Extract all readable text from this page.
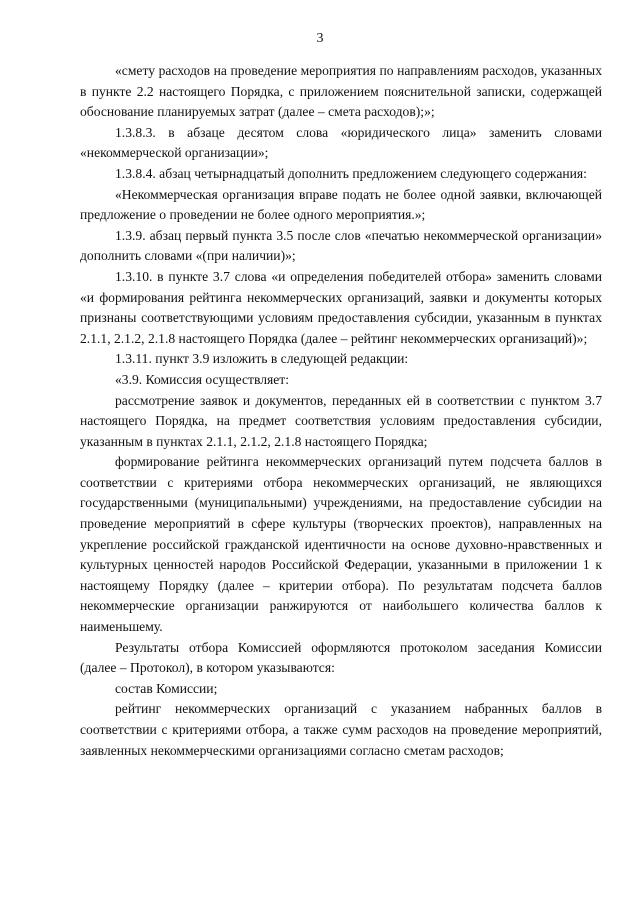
3

«смету расходов на проведение мероприятия по направлениям расходов, указанных в пункте 2.2 настоящего Порядка, с приложением пояснительной записки, содержащей обоснование планируемых затрат (далее – смета расходов);»;

1.3.8.3. в абзаце десятом слова «юридического лица» заменить словами «некоммерческой организации»;

1.3.8.4. абзац четырнадцатый дополнить предложением следующего содержания:

«Некоммерческая организация вправе подать не более одной заявки, включающей предложение о проведении не более одного мероприятия.»;

1.3.9. абзац первый пункта 3.5 после слов «печатью некоммерческой организации» дополнить словами «(при наличии)»;

1.3.10. в пункте 3.7 слова «и определения победителей отбора» заменить словами «и формирования рейтинга некоммерческих организаций, заявки и документы которых признаны соответствующими условиям предоставления субсидии, указанным в пунктах 2.1.1, 2.1.2, 2.1.8 настоящего Порядка (далее – рейтинг некоммерческих организаций)»;

1.3.11. пункт 3.9 изложить в следующей редакции:

«3.9. Комиссия осуществляет:

рассмотрение заявок и документов, переданных ей в соответствии с пунктом 3.7 настоящего Порядка, на предмет соответствия условиям предоставления субсидии, указанным в пунктах 2.1.1, 2.1.2, 2.1.8 настоящего Порядка;

формирование рейтинга некоммерческих организаций путем подсчета баллов в соответствии с критериями отбора некоммерческих организаций, не являющихся государственными (муниципальными) учреждениями, на предоставление субсидии на проведение мероприятий в сфере культуры (творческих проектов), направленных на укрепление российской гражданской идентичности на основе духовно-нравственных и культурных ценностей народов Российской Федерации, указанными в приложении 1 к настоящему Порядку (далее – критерии отбора). По результатам подсчета баллов некоммерческие организации ранжируются от наибольшего количества баллов к наименьшему.

Результаты отбора Комиссией оформляются протоколом заседания Комиссии (далее – Протокол), в котором указываются:

состав Комиссии;

рейтинг некоммерческих организаций с указанием набранных баллов в соответствии с критериями отбора, а также сумм расходов на проведение мероприятий, заявленных некоммерческими организациями согласно сметам расходов;
